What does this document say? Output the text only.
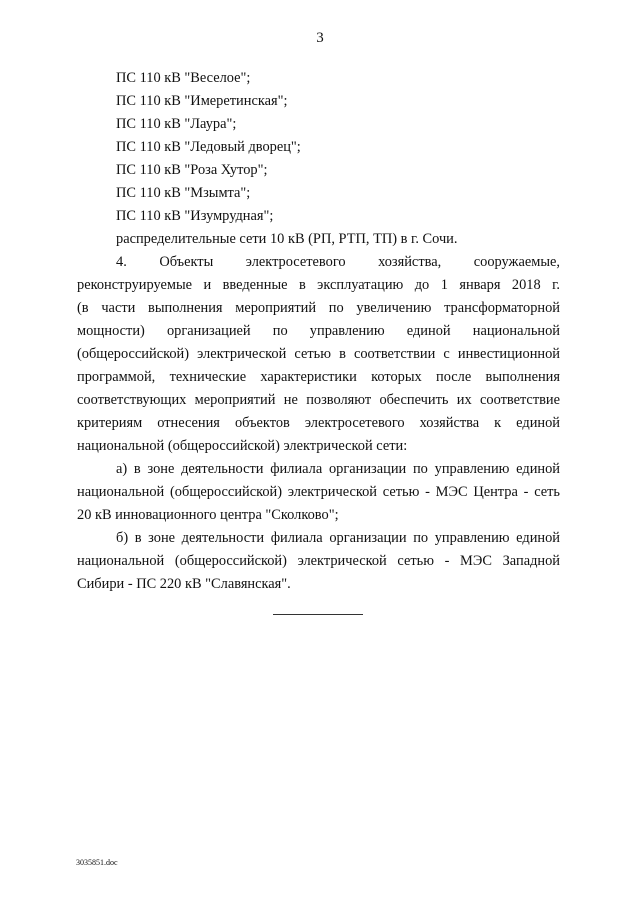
3
ПС 110 кВ "Веселое";
ПС 110 кВ "Имеретинская";
ПС 110 кВ "Лаура";
ПС 110 кВ "Ледовый дворец";
ПС 110 кВ "Роза Хутор";
ПС 110 кВ "Мзымта";
ПС 110 кВ "Изумрудная";
распределительные сети 10 кВ (РП, РТП, ТП) в г. Сочи.
4. Объекты электросетевого хозяйства, сооружаемые,
реконструируемые и введенные в эксплуатацию до 1 января 2018 г.
(в части выполнения мероприятий по увеличению трансформаторной
мощности) организацией по управлению единой национальной
(общероссийской) электрической сетью в соответствии с инвестиционной
программой, технические характеристики которых после выполнения
соответствующих мероприятий не позволяют обеспечить их соответствие
критериям отнесения объектов электросетевого хозяйства к единой
национальной (общероссийской) электрической сети:
а) в зоне деятельности филиала организации по управлению единой
национальной (общероссийской) электрической сетью - МЭС Центра - сеть
20 кВ инновационного центра "Сколково";
б) в зоне деятельности филиала организации по управлению единой
национальной (общероссийской) электрической сетью - МЭС Западной
Сибири - ПС 220 кВ "Славянская".
3035851.doc
